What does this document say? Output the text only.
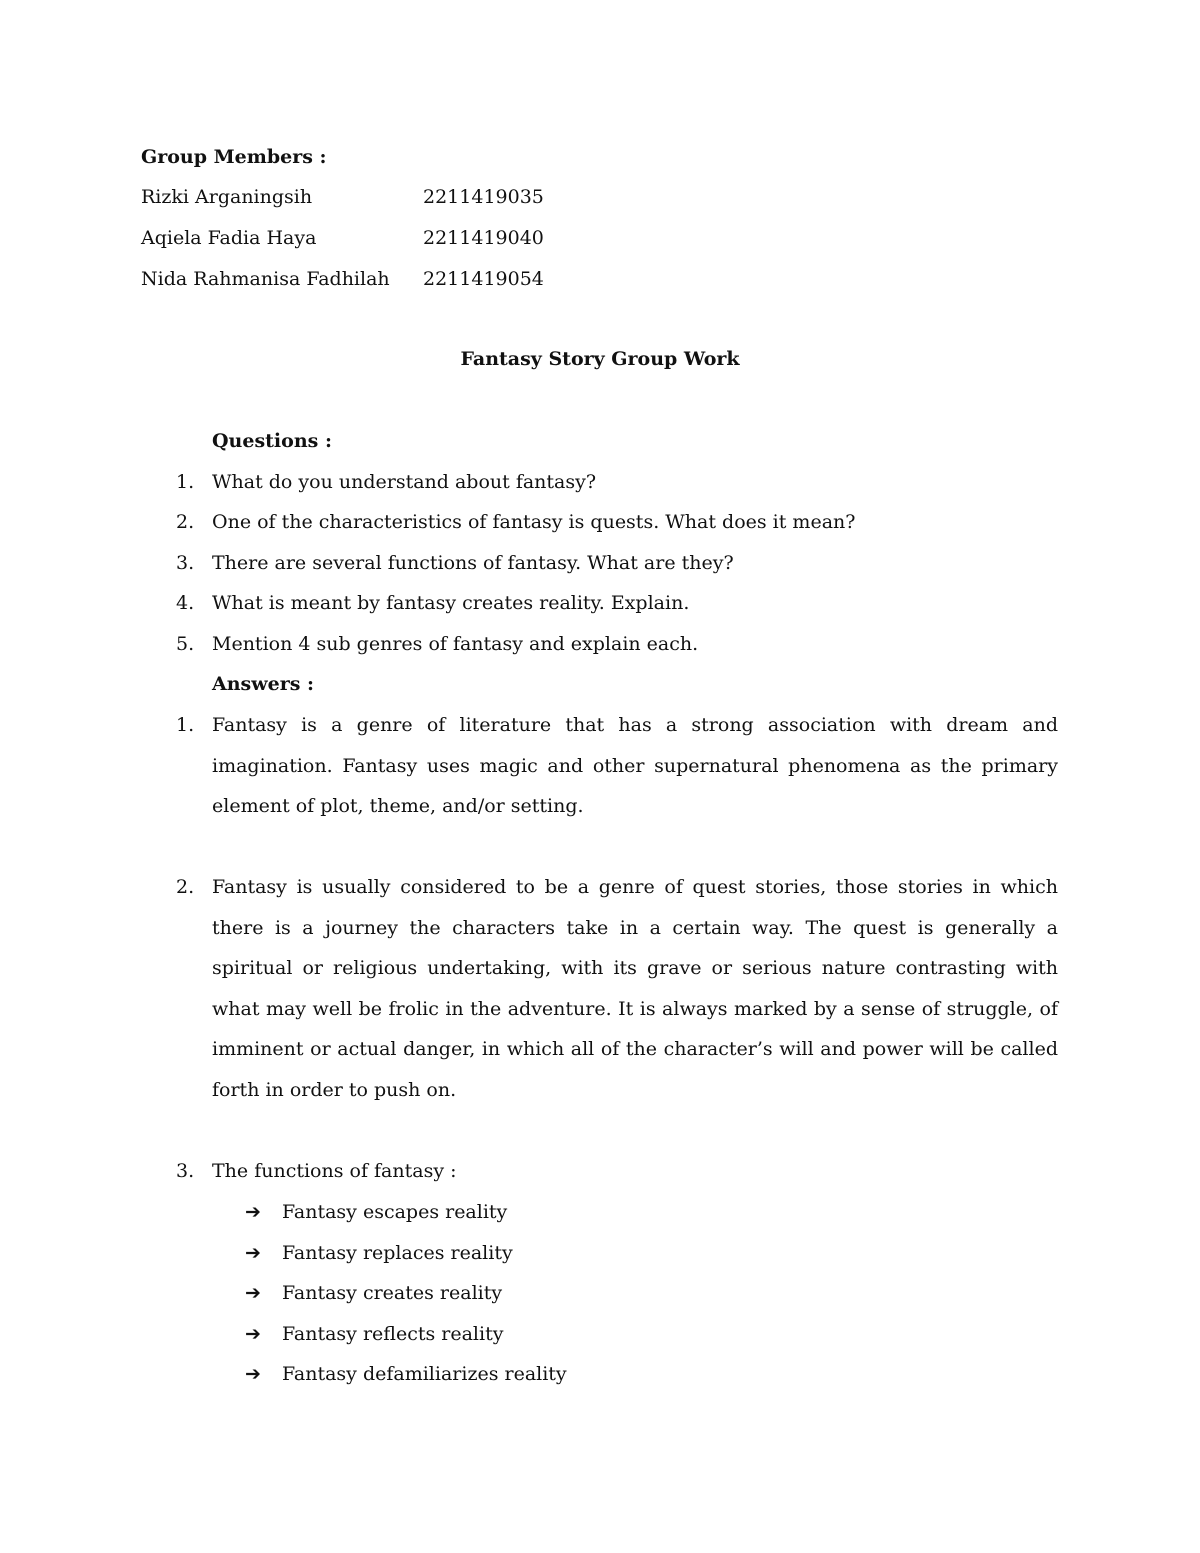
Group Members :
Rizki Arganingsih	2211419035
Aqiela Fadia Haya	2211419040
Nida Rahmanisa Fadhilah 2211419054
Fantasy Story Group Work
Questions :
1. What do you understand about fantasy?
2. One of the characteristics of fantasy is quests. What does it mean?
3. There are several functions of fantasy. What are they?
4. What is meant by fantasy creates reality. Explain.
5. Mention 4 sub genres of fantasy and explain each.
Answers :
1. Fantasy is a genre of literature that has a strong association with dream and imagination. Fantasy uses magic and other supernatural phenomena as the primary element of plot, theme, and/or setting.
2. Fantasy is usually considered to be a genre of quest stories, those stories in which there is a journey the characters take in a certain way. The quest is generally a spiritual or religious undertaking, with its grave or serious nature contrasting with what may well be frolic in the adventure. It is always marked by a sense of struggle, of imminent or actual danger, in which all of the character’s will and power will be called forth in order to push on.
3. The functions of fantasy :
➔ Fantasy escapes reality
➔ Fantasy replaces reality
➔ Fantasy creates reality
➔ Fantasy reflects reality
➔ Fantasy defamiliarizes reality
